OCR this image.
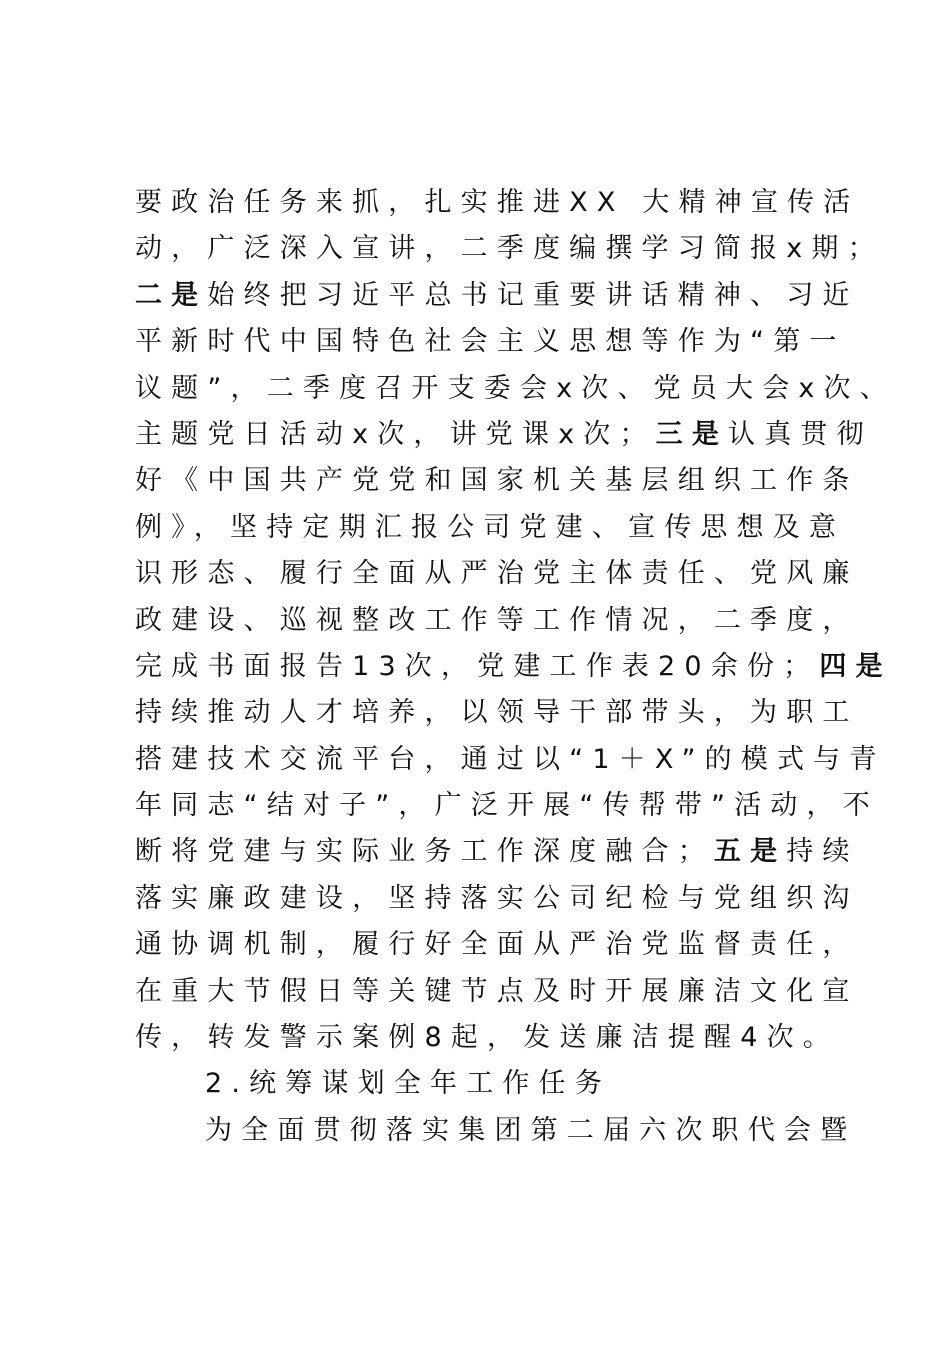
要政治任务来抓，扎实推进XX 大精神宣传活
动，广泛深入宣讲，二季度编撰学习简报x期；
二是始终把习近平总书记重要讲话精神、习近
平新时代中国特色社会主义思想等作为“第一
议题”，二季度召开支委会x次、党员大会x次、
主题党日活动x次，讲党课x次；三是认真贯彻
好《中国共产党党和国家机关基层组织工作条
例》，坚持定期汇报公司党建、宣传思想及意
识形态、履行全面从严治党主体责任、党风廉
政建设、巡视整改工作等工作情况，二季度，
完成书面报告13次，党建工作表20余份；四是
持续推动人才培养，以领导干部带头，为职工
搭建技术交流平台，通过以“1＋X”的模式与青
年同志“结对子”，广泛开展“传帮带”活动，不
断将党建与实际业务工作深度融合；五是持续
落实廉政建设，坚持落实公司纪检与党组织沟
通协调机制，履行好全面从严治党监督责任，
在重大节假日等关键节点及时开展廉洁文化宣
传，转发警示案例8起，发送廉洁提醒4次。
2.统筹谋划全年工作任务
为全面贯彻落实集团第二届六次职代会暨
